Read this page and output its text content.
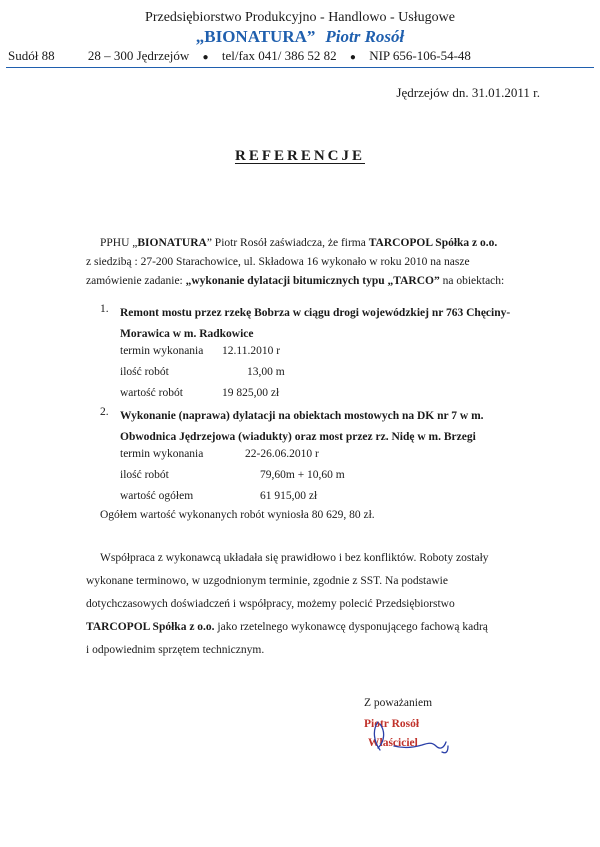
Przedsiębiorstwo Produkcyjno - Handlowo - Usługowe
„BIONATURA” Piotr Rosół
Sudół 88	28 – 300 Jędrzejów ● tel/fax 041/ 386 52 82 ● NIP 656-106-54-48
Jędrzejów dn. 31.01.2011 r.
REFERENCJE
PPHU „BIONATURA” Piotr Rosół zaświadcza, że firma TARCOPOL Spółka z o.o.
z siedzibą : 27-200 Starachowice, ul. Składowa 16 wykonało w roku 2010 na nasze
zamówienie zadanie: „wykonanie dylatacji bitumicznych typu „TARCO” na obiektach:
1. Remont mostu przez rzekę Bobrza w ciągu drogi wojewódzkiej nr 763 Chęciny-
Morawica w m. Radkowice
termin wykonania 12.11.2010 r
ilość robót	13,00 m
wartość robót	19 825,00 zł
2. Wykonanie (naprawa) dylatacji na obiektach mostowych na DK nr 7 w m.
Obwodnica Jędrzejowa (wiadukty) oraz most przez rz. Nidę w m. Brzegi
termin wykonania	22-26.06.2010 r
ilość robót	79,60m + 10,60 m
wartość ogółem	61 915,00 zł
Ogółem wartość wykonanych robót wyniosła 80 629, 80 zł.
Współpraca z wykonawcą układała się prawidłowo i bez konfliktów. Roboty zostały
wykonane terminowo, w uzgodnionym terminie, zgodnie z SST. Na podstawie
dotychczasowych doświadczeń i współpracy, możemy polecić Przedsiębiorstwo
TARCOPOL Spółka z o.o. jako rzetelnego wykonawcę dysponującego fachową kadrą
i odpowiednim sprzętem technicznym.
Z poważaniem
Piotr Rosół
Właściciel
